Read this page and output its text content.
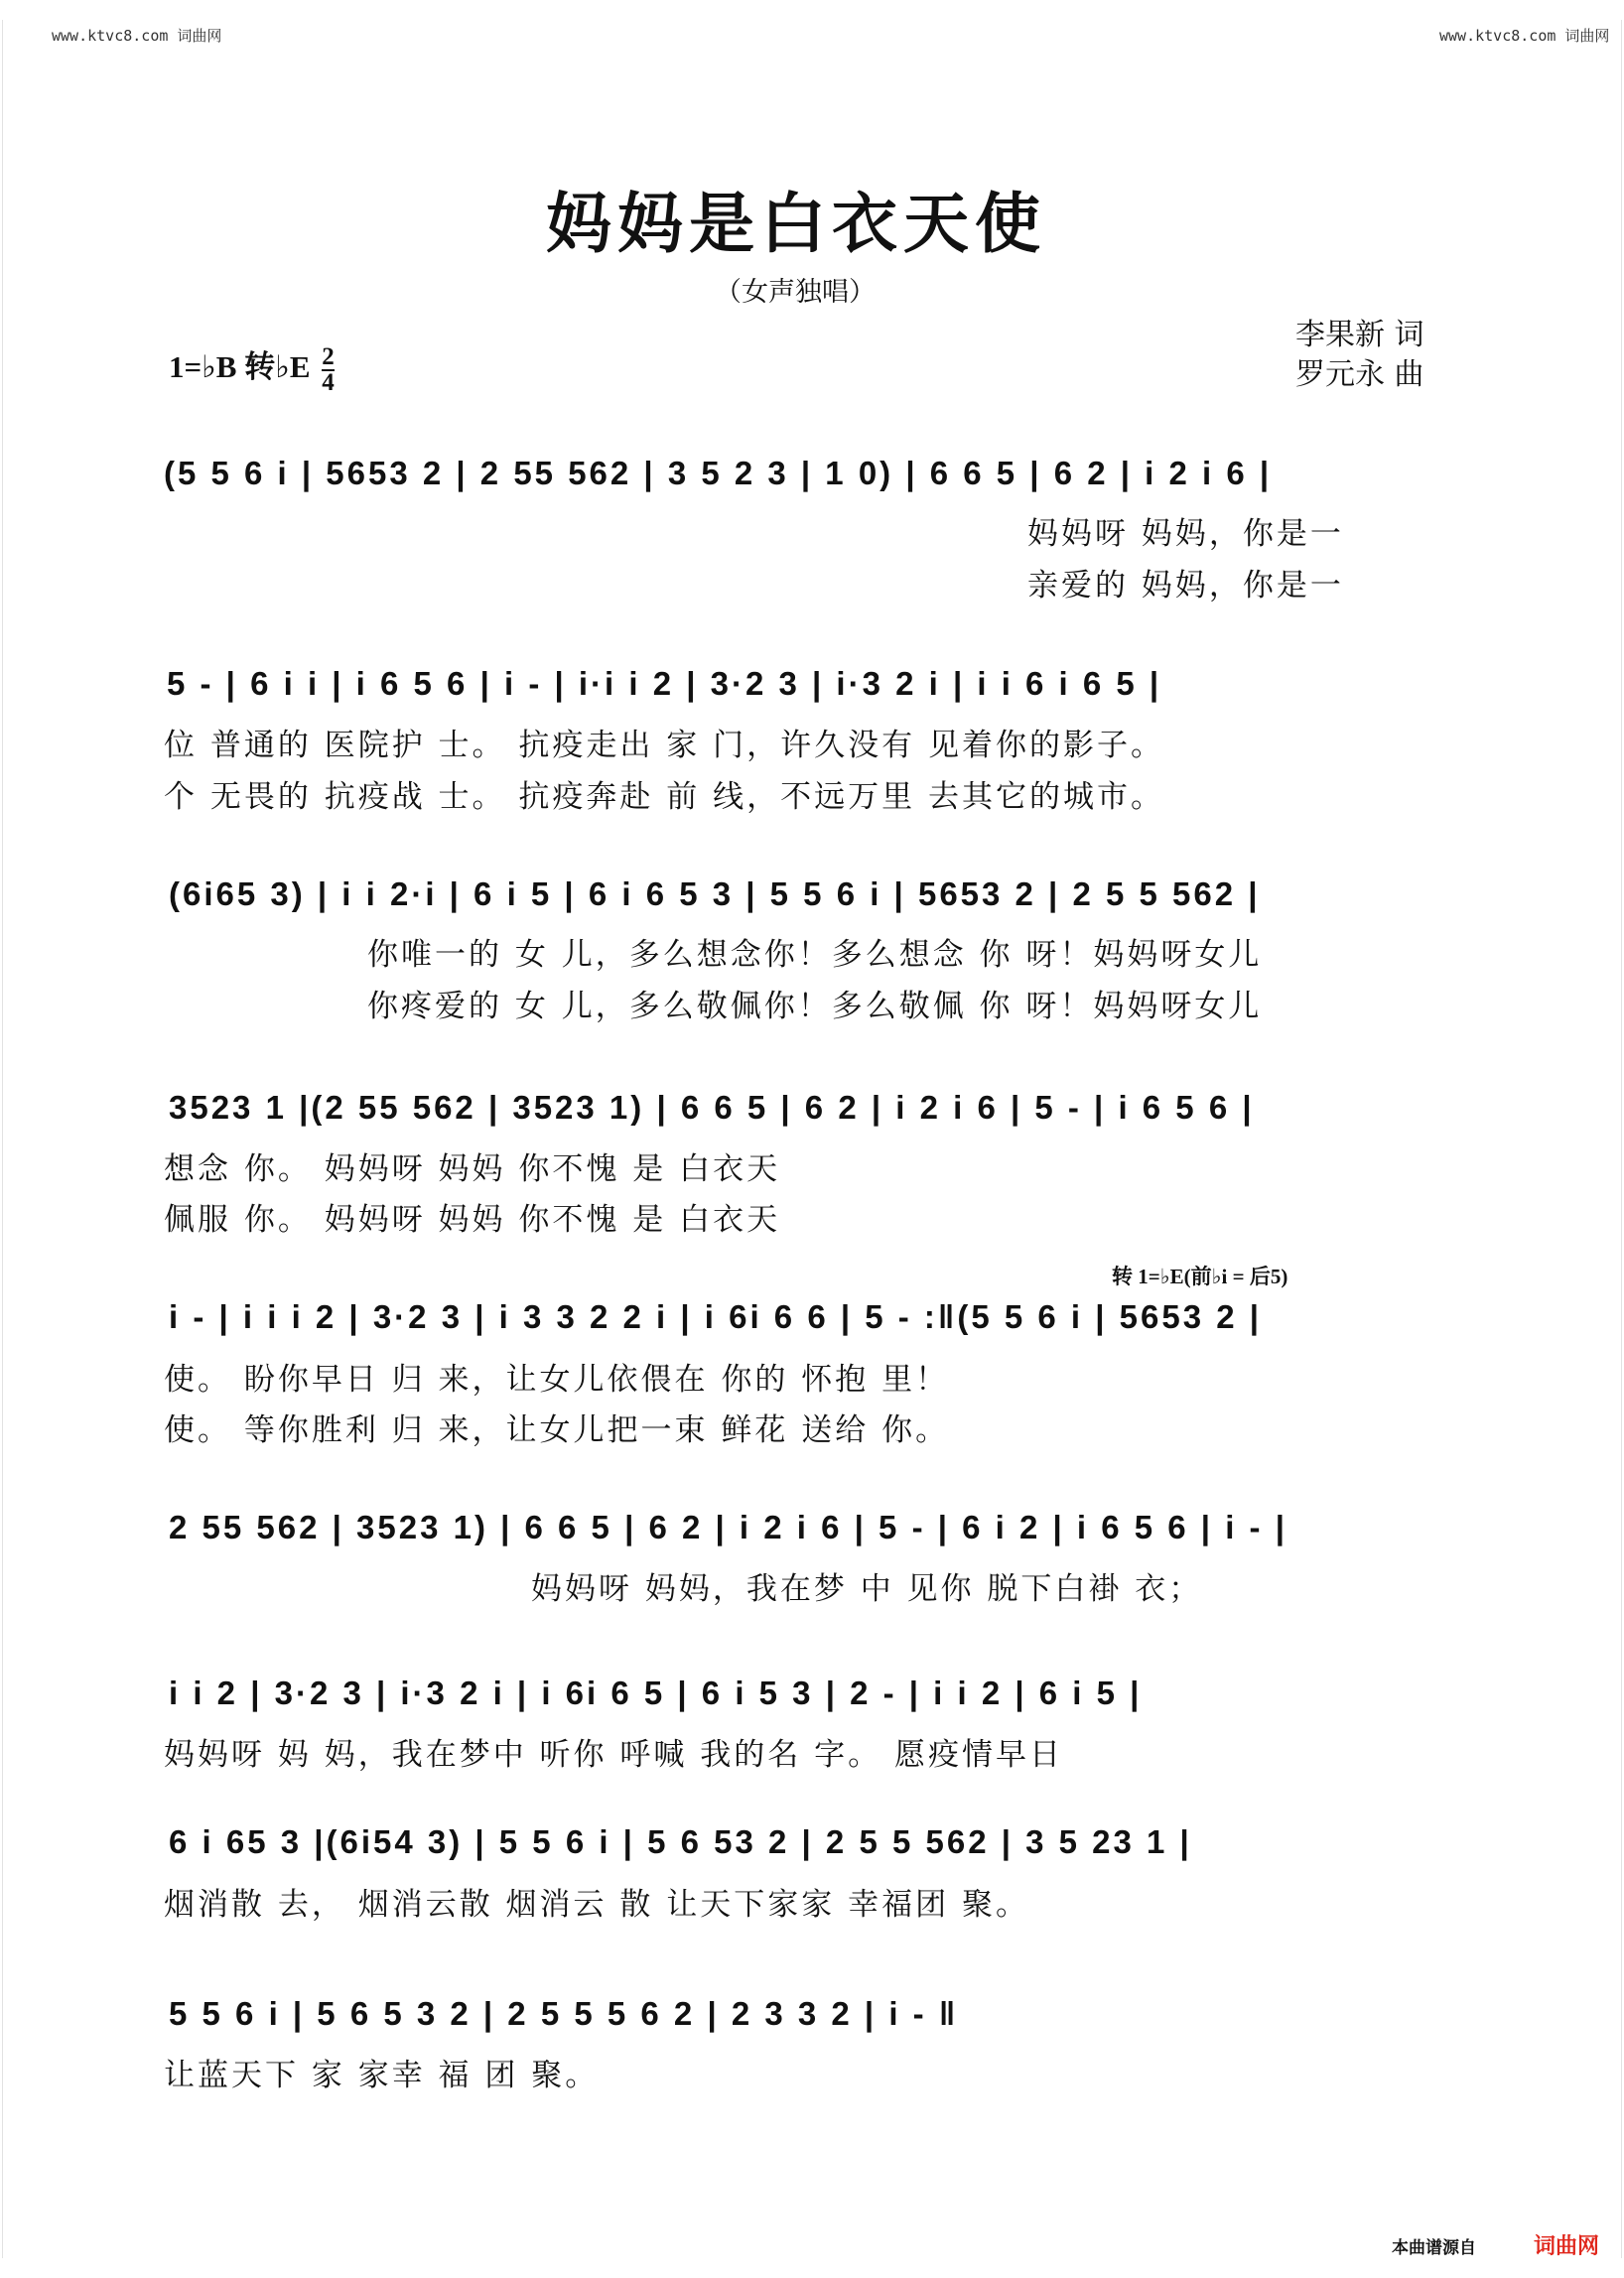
www.ktvc8.com 词曲网	www.ktvc8.com 词曲网
妈妈是白衣天使
（女声独唱）
李果新 词
罗元永 曲
1=♭B 转♭E $\frac{2}{4}$
(5 5 6 i | 5653 2 | 2 55 562 | 3 5 2 3 | 1 0) | 6 6 5 | 6 2 | i 2 i 6 |
妈妈呀 妈妈，你是一
亲爱的 妈妈，你是一
5 - | 6 i i | i 6 5 6 | i - | i·i i 2 | 3·2 3 | i·3 2 i | i i 6 i 6 5 |
位 普通的 医院护 士。 抗疫走出 家 门，许久没有 见着你的影子。
个 无畏的 抗疫战 士。 抗疫奔赴 前 线，不远万里 去其它的城市。
(6i65 3) | i i 2·i | 6 i 5 | 6 i 6 5 3 | 5 5 6 i | 5653 2 | 2 5 5 562 |
你唯一的 女 儿，多么想念你！多么想念 你 呀！妈妈呀女儿
你疼爱的 女 儿，多么敬佩你！多么敬佩 你 呀！妈妈呀女儿
3523 1 |(2 55 562 | 3523 1) | 6 6 5 | 6 2 | i 2 i 6 | 5 - | i 6 5 6 |
想念 你。 妈妈呀 妈妈 你不愧 是 白衣天
佩服 你。 妈妈呀 妈妈 你不愧 是 白衣天
转 1=♭E(前♭i = 后5)
i - | i i i 2 | 3·2 3 | i 3 3 2 2 i | i 6i 6 6 | 5 - :‖(5 5 6 i | 5653 2 |
使。 盼你早日 归 来，让女儿依偎在 你的 怀抱 里！
使。 等你胜利 归 来，让女儿把一束 鲜花 送给 你。
2 55 562 | 3523 1) | 6 6 5 | 6 2 | i 2 i 6 | 5 - | 6 i 2 | i 6 5 6 | i - |
妈妈呀 妈妈，我在梦 中 见你 脱下白褂 衣；
i i 2 | 3·2 3 | i·3 2 i | i 6i 6 5 | 6 i 5 3 | 2 - | i i 2 | 6 i 5 |
妈妈呀 妈 妈，我在梦中 听你 呼喊 我的名 字。 愿疫情早日
6 i 65 3 |(6i54 3) | 5 5 6 i | 5 6 53 2 | 2 5 5 562 | 3 5 23 1 |
烟消散 去， 烟消云散 烟消云 散 让天下家家 幸福团 聚。
5 5 6 i | 5 6 5 3 2 | 2 5 5 5 6 2 | 2 3 3 2 | i - ‖
让蓝天下 家 家幸 福 团 聚。
本曲谱源自	词曲网
